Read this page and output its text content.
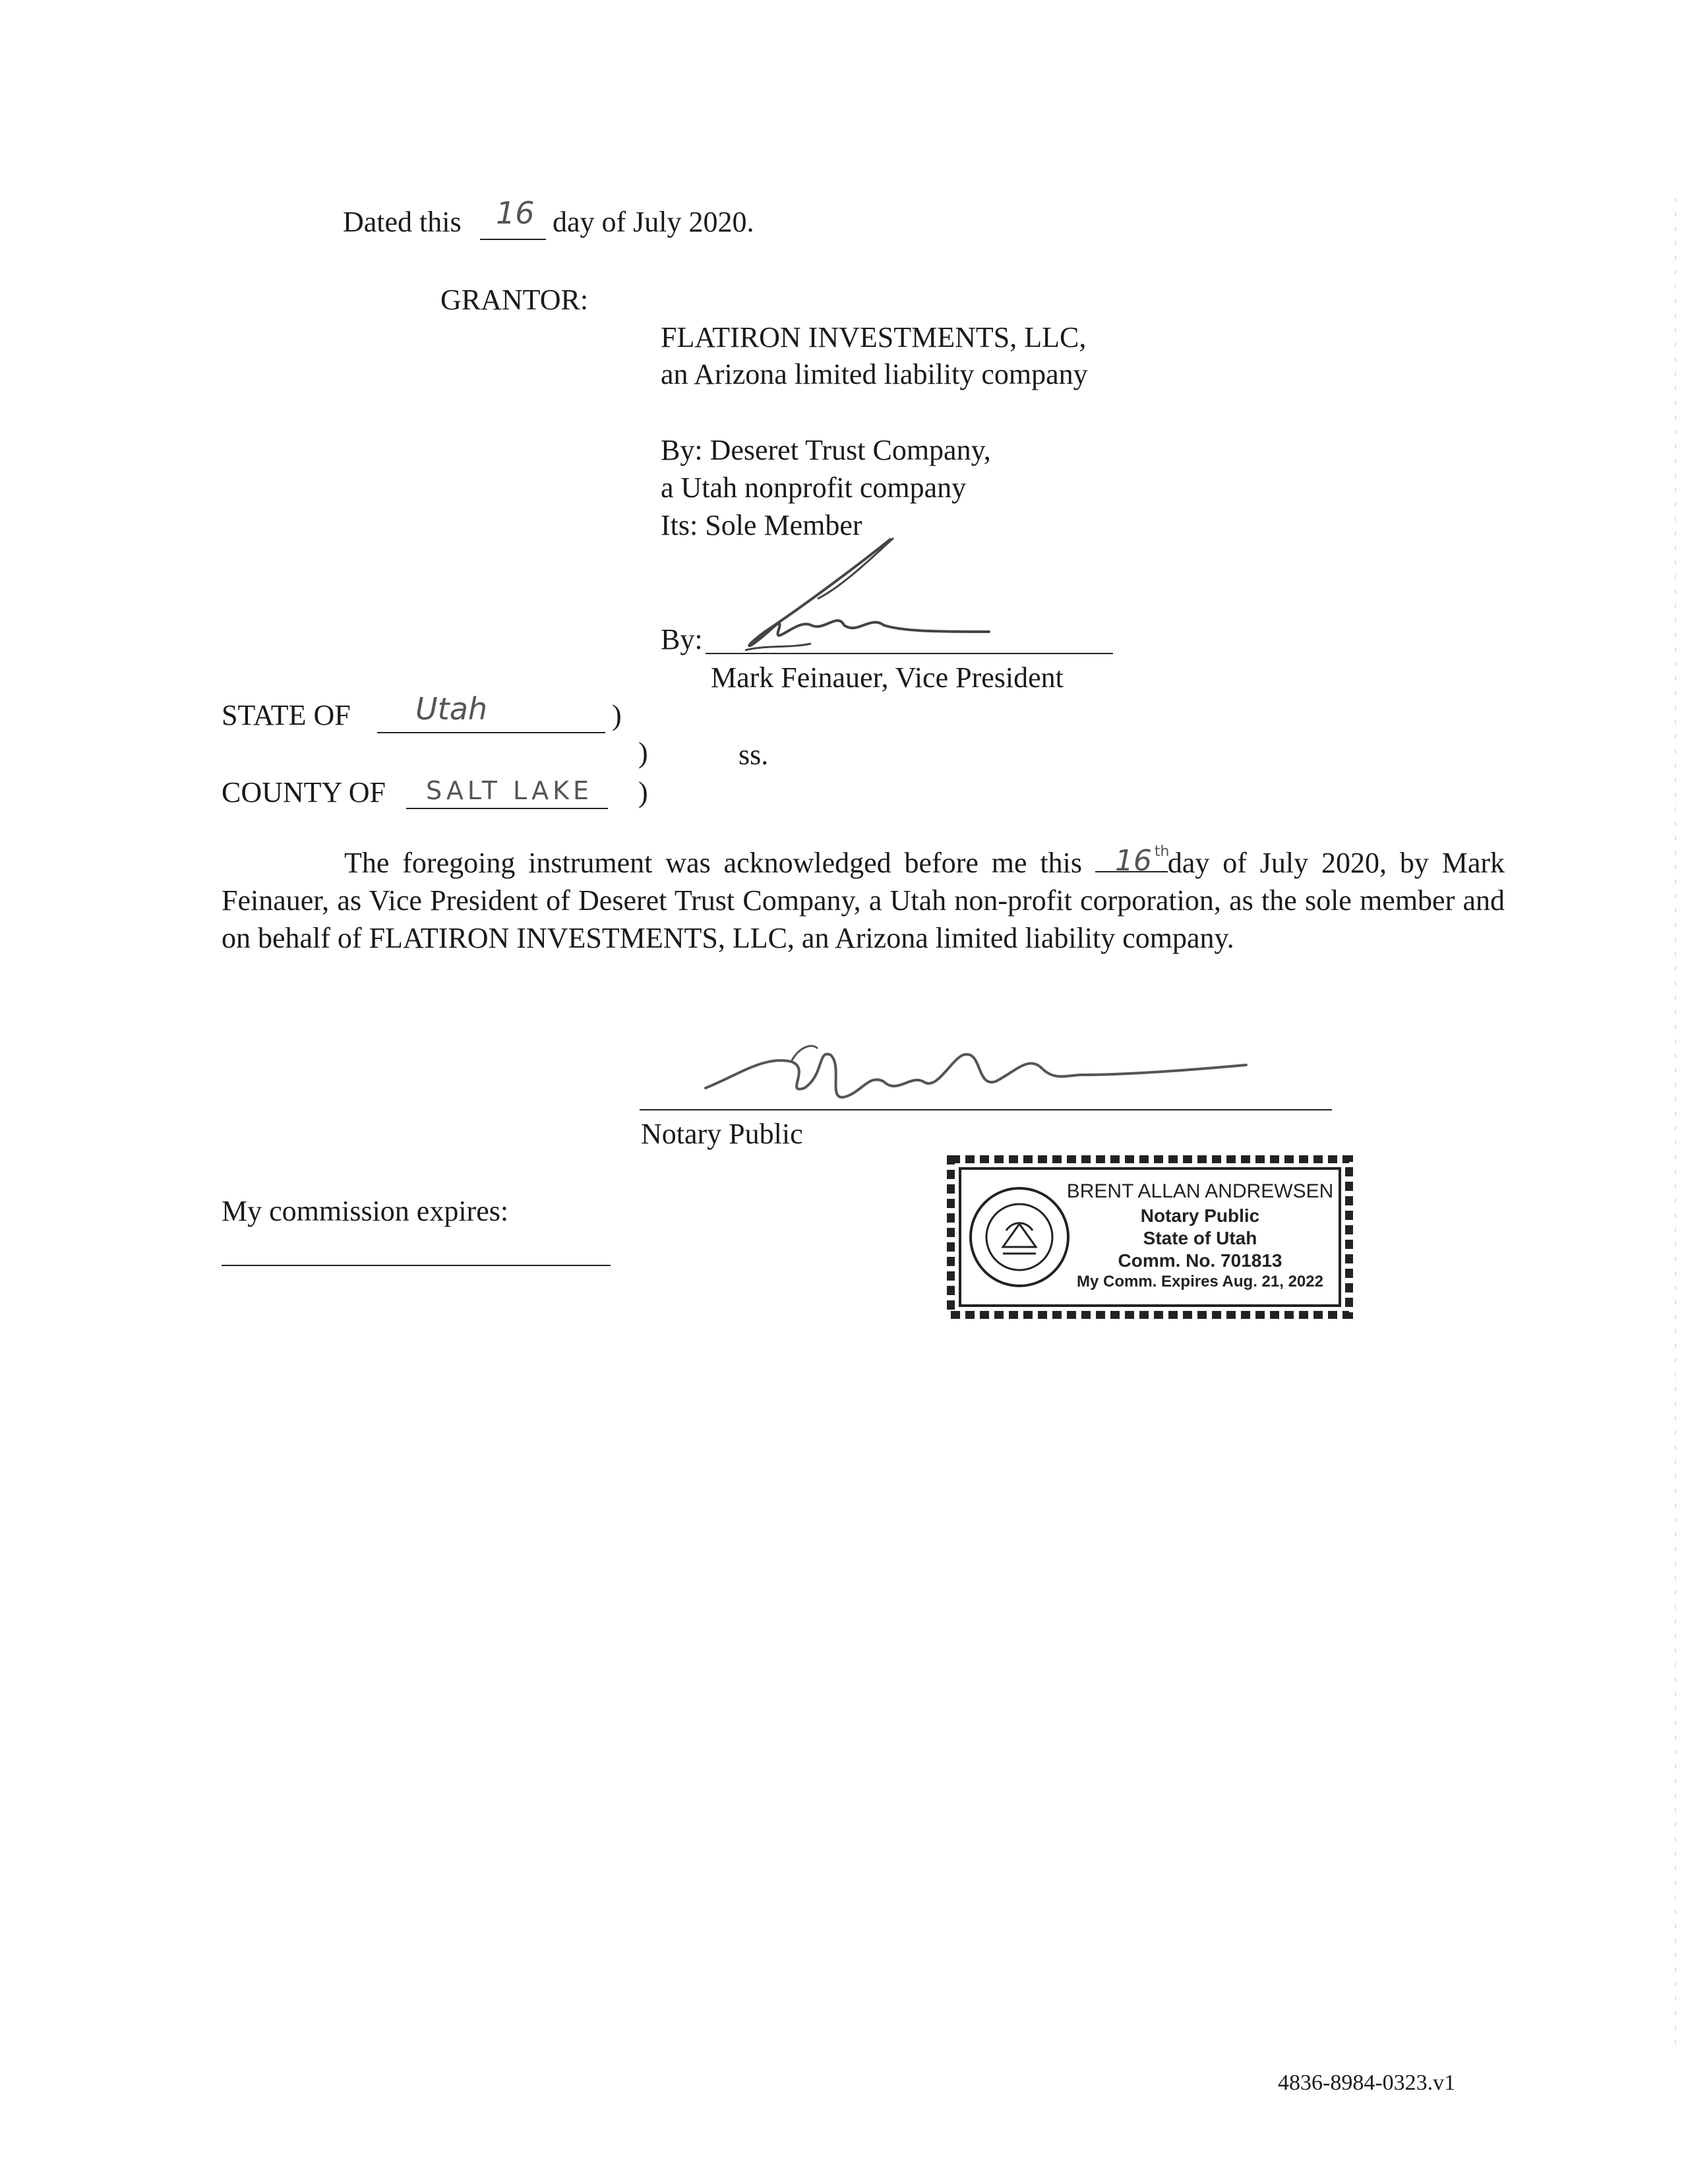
Dated this 16 day of July 2020.
GRANTOR:
FLATIRON INVESTMENTS, LLC,
an Arizona limited liability company
By: Deseret Trust Company,
a Utah nonprofit company
Its: Sole Member
By:
Mark Feinauer, Vice President
STATE OF Utah	)
)	ss.
COUNTY OF SALT LAKE )
The foregoing instrument was acknowledged before me this 16 th
day of July 2020, by Mark Feinauer, as Vice President of Deseret Trust Company, a Utah non-profit corporation, as the sole member and on behalf of FLATIRON INVESTMENTS, LLC, an Arizona limited liability company.
Notary Public
My commission expires:
BRENT ALLAN ANDREWSEN
Notary Public
State of Utah
Comm. No. 701813
My Comm. Expires Aug. 21, 2022
4836-8984-0323.v1
